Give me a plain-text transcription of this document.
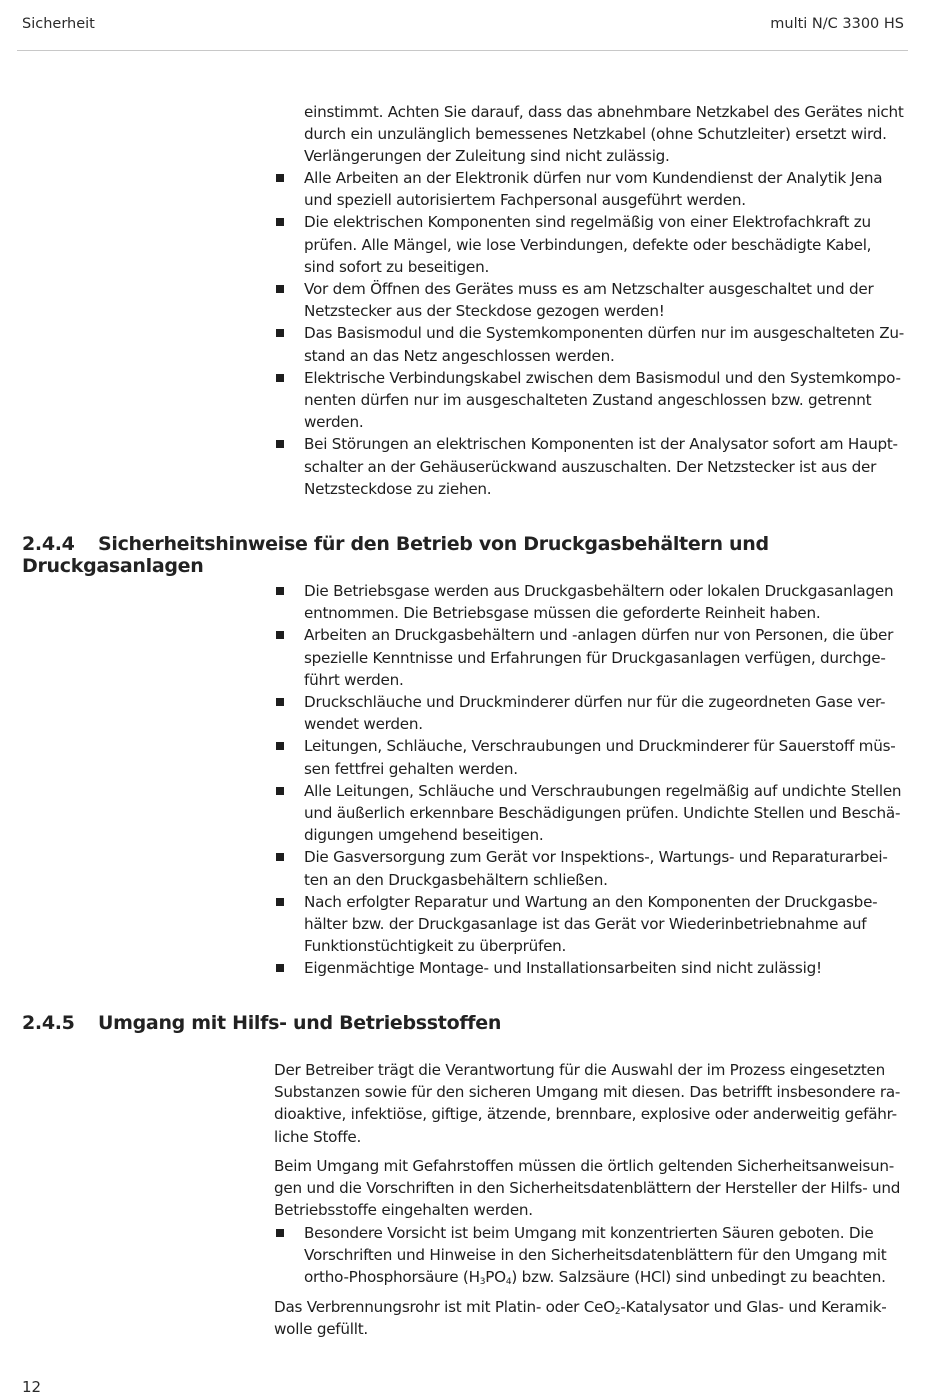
Sicherheit	multi N/C 3300 HS

einstimmt. Achten Sie darauf, dass das abnehmbare Netzkabel des Gerätes nicht
durch ein unzulänglich bemessenes Netzkabel (ohne Schutzleiter) ersetzt wird.
Verlängerungen der Zuleitung sind nicht zulässig.

Alle Arbeiten an der Elektronik dürfen nur vom Kundendienst der Analytik Jena
und speziell autorisiertem Fachpersonal ausgeführt werden.
Die elektrischen Komponenten sind regelmäßig von einer Elektrofachkraft zu
prüfen. Alle Mängel, wie lose Verbindungen, defekte oder beschädigte Kabel,
sind sofort zu beseitigen.
Vor dem Öffnen des Gerätes muss es am Netzschalter ausgeschaltet und der
Netzstecker aus der Steckdose gezogen werden!
Das Basismodul und die Systemkomponenten dürfen nur im ausgeschalteten Zu-
stand an das Netz angeschlossen werden.
Elektrische Verbindungskabel zwischen dem Basismodul und den Systemkompo-
nenten dürfen nur im ausgeschalteten Zustand angeschlossen bzw. getrennt
werden.
Bei Störungen an elektrischen Komponenten ist der Analysator sofort am Haupt-
schalter an der Gehäuserückwand auszuschalten. Der Netzstecker ist aus der
Netzsteckdose zu ziehen.
2.4.4 Sicherheitshinweise für den Betrieb von Druckgasbehältern und Druckgasanlagen
Die Betriebsgase werden aus Druckgasbehältern oder lokalen Druckgasanlagen
entnommen. Die Betriebsgase müssen die geforderte Reinheit haben.
Arbeiten an Druckgasbehältern und -anlagen dürfen nur von Personen, die über
spezielle Kenntnisse und Erfahrungen für Druckgasanlagen verfügen, durchge-
führt werden.
Druckschläuche und Druckminderer dürfen nur für die zugeordneten Gase ver-
wendet werden.
Leitungen, Schläuche, Verschraubungen und Druckminderer für Sauerstoff müs-
sen fettfrei gehalten werden.
Alle Leitungen, Schläuche und Verschraubungen regelmäßig auf undichte Stellen
und äußerlich erkennbare Beschädigungen prüfen. Undichte Stellen und Beschä-
digungen umgehend beseitigen.
Die Gasversorgung zum Gerät vor Inspektions-, Wartungs- und Reparaturarbei-
ten an den Druckgasbehältern schließen.
Nach erfolgter Reparatur und Wartung an den Komponenten der Druckgasbe-
hälter bzw. der Druckgasanlage ist das Gerät vor Wiederinbetriebnahme auf
Funktionstüchtigkeit zu überprüfen.
Eigenmächtige Montage- und Installationsarbeiten sind nicht zulässig!
2.4.5 Umgang mit Hilfs- und Betriebsstoffen

Der Betreiber trägt die Verantwortung für die Auswahl der im Prozess eingesetzten
Substanzen sowie für den sicheren Umgang mit diesen. Das betrifft insbesondere ra-
dioaktive, infektiöse, giftige, ätzende, brennbare, explosive oder anderweitig gefähr-
liche Stoffe.

Beim Umgang mit Gefahrstoffen müssen die örtlich geltenden Sicherheitsanweisun-
gen und die Vorschriften in den Sicherheitsdatenblättern der Hersteller der Hilfs- und
Betriebsstoffe eingehalten werden.

Besondere Vorsicht ist beim Umgang mit konzentrierten Säuren geboten. Die
Vorschriften und Hinweise in den Sicherheitsdatenblättern für den Umgang mit
ortho-Phosphorsäure $(H_3PO_4)$ bzw. Salzsäure (HCl) sind unbedingt zu beachten.

Das Verbrennungsrohr ist mit Platin- oder CeO$_2$-Katalysator und Glas- und Keramik-
wolle gefüllt.

12
